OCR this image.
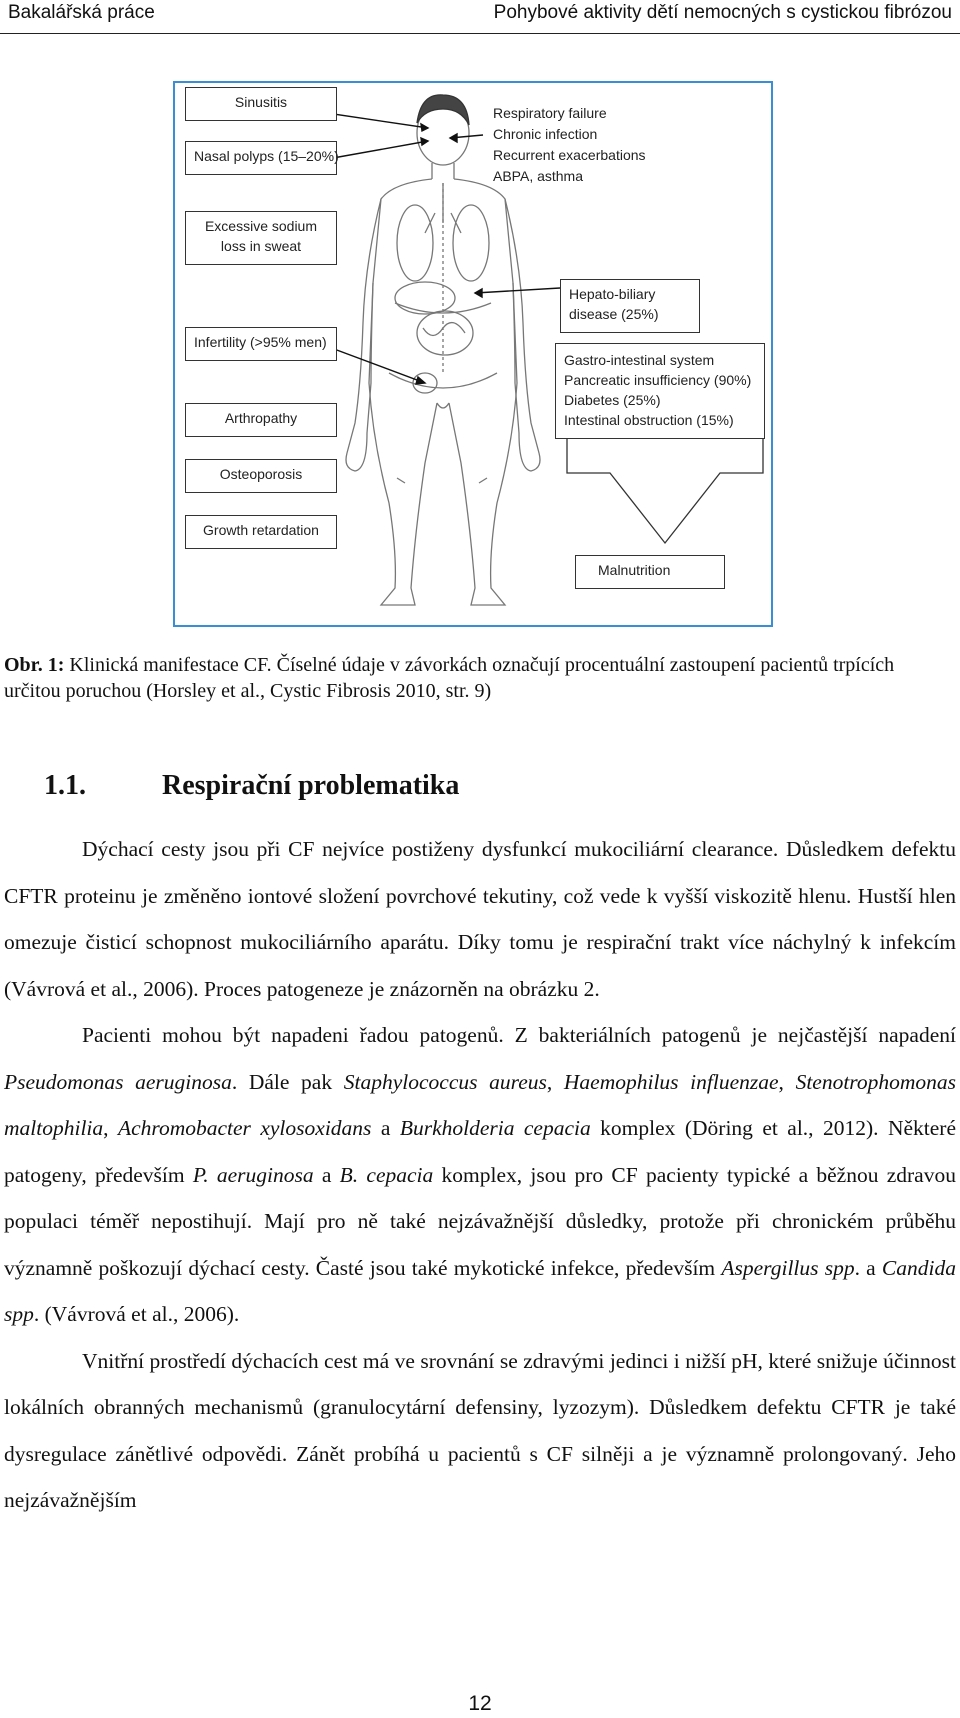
Bakalářská práce	Pohybové aktivity dětí nemocných s cystickou fibrózou
Sinusitis
Nasal polyps (15–20%)
Excessive sodium
loss in sweat
Infertility (>95% men)
Arthropathy
Osteoporosis
Growth retardation
Respiratory failure
Chronic infection
Recurrent exacerbations
ABPA, asthma
Hepato-biliary
disease (25%)
Gastro-intestinal system
Pancreatic insufficiency (90%)
Diabetes (25%)
Intestinal obstruction (15%)
Malnutrition
Obr. 1: Klinická manifestace CF. Číselné údaje v závorkách označují procentuální zastoupení pacientů trpících určitou poruchou (Horsley et al., Cystic Fibrosis 2010, str. 9)
1.1.	Respirační problematika

Dýchací cesty jsou při CF nejvíce postiženy dysfunkcí mukociliární clearance. Důsledkem defektu CFTR proteinu je změněno iontové složení povrchové tekutiny, což vede k vyšší viskozitě hlenu. Hustší hlen omezuje čisticí schopnost mukociliárního aparátu. Díky tomu je respirační trakt více náchylný k infekcím (Vávrová et al., 2006). Proces patogeneze je znázorněn na obrázku 2.

Pacienti mohou být napadeni řadou patogenů. Z bakteriálních patogenů je nejčastější napadení Pseudomonas aeruginosa. Dále pak Staphylococcus aureus, Haemophilus influenzae, Stenotrophomonas maltophilia, Achromobacter xylosoxidans a Burkholderia cepacia komplex (Döring et al., 2012). Některé patogeny, především P. aeruginosa a B. cepacia komplex, jsou pro CF pacienty typické a běžnou zdravou populaci téměř nepostihují. Mají pro ně také nejzávažnější důsledky, protože při chronickém průběhu významně poškozují dýchací cesty. Časté jsou také mykotické infekce, především Aspergillus spp. a Candida spp. (Vávrová et al., 2006).

Vnitřní prostředí dýchacích cest má ve srovnání se zdravými jedinci i nižší pH, které snižuje účinnost lokálních obranných mechanismů (granulocytární defensiny, lyzozym). Důsledkem defektu CFTR je také dysregulace zánětlivé odpovědi. Zánět probíhá u pacientů s CF silněji a je významně prolongovaný. Jeho nejzávažnějším

12
